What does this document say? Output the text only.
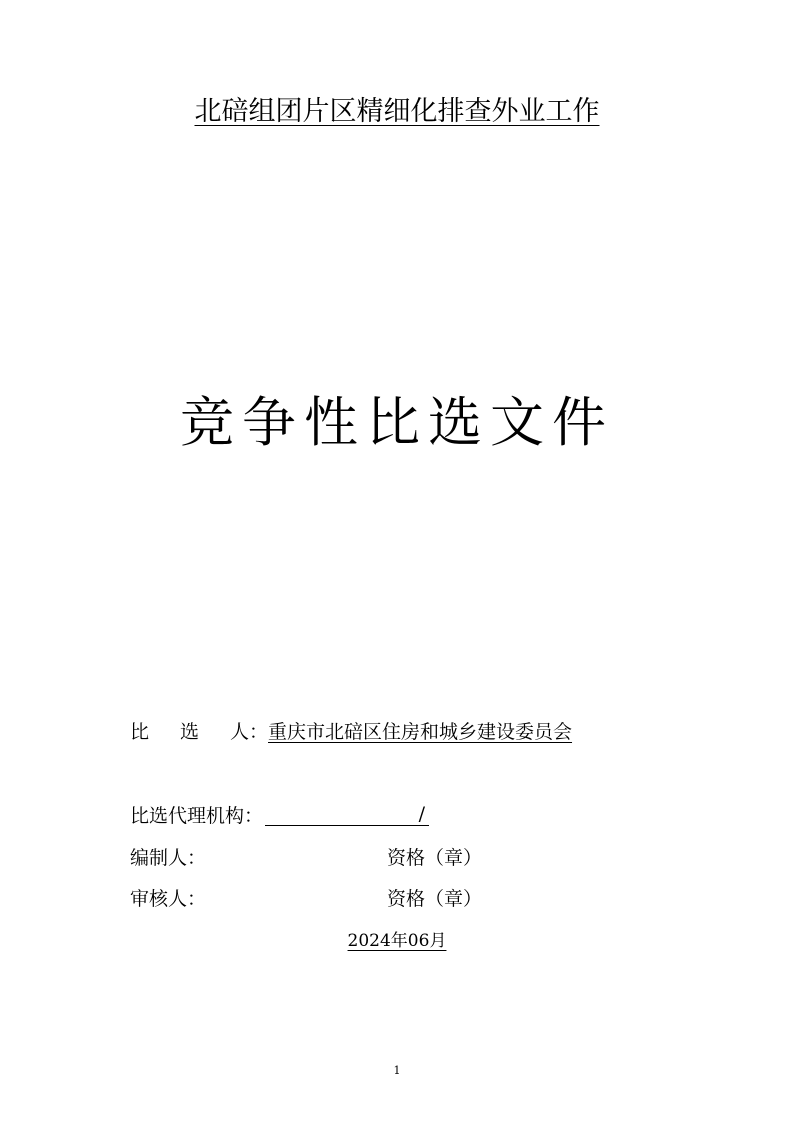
北碚组团片区精细化排查外业工作
竞争性比选文件
比 选 人：重庆市北碚区住房和城乡建设委员会
比选代理机构：	/
编制人：	资格（章）
审核人：	资格（章）
2024年06月
1
